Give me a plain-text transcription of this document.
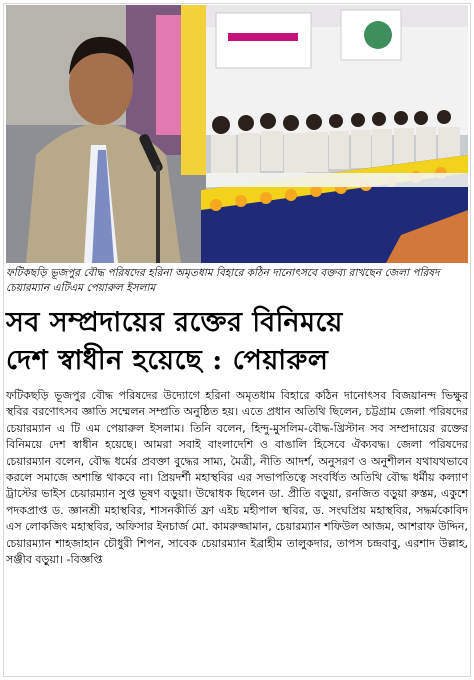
ফটিকছড়ি ভূজপুর বৌদ্ধ পরিষদের হরিনা অমৃতধাম বিহারে কঠিন দানোৎসবে বক্তব্য রাখছেন জেলা পরিষদ চেয়ারম্যান এটিএম পেয়ারুল ইসলাম
সব সম্প্রদায়ের রক্তের বিনিময়ে
দেশ স্বাধীন হয়েছে : পেয়ারুল
ফটিকছড়ি ভূজপুর বৌদ্ধ পরিষদের উদ্যোগে হরিনা অমৃতধাম বিহারে কঠিন দানোৎসব বিজয়ানন্দ ভিক্ষুর স্থবির বরণোৎসব জ্ঞাতি সম্মেলন সম্প্রতি অনুষ্ঠিত হয়। এতে প্রধান অতিথি ছিলেন, চট্টগ্রাম জেলা পরিষদের চেয়ারম্যান এ টি এম পেয়ারুল ইসলাম। তিনি বলেন, হিন্দু-মুসলিম-বৌদ্ধ-খ্রিস্টান সব সম্প্রদায়ের রক্তের বিনিময়ে দেশ স্বাধীন হয়েছে। আমরা সবাই বাংলাদেশি ও বাঙালি হিসেবে ঐক্যবদ্ধ। জেলা পরিষদের চেয়ারম্যান বলেন, বৌদ্ধ ধর্মের প্রবক্তা বুদ্ধের সাম্য, মৈত্রী, নীতি আদর্শ, অনুসরণ ও অনুশীলন যথাযথভাবে করলে সমাজে অশান্তি থাকবে না। প্রিয়দর্শী মহাস্থবির এর সভাপতিত্বে সংবর্ধিত অতিথি বৌদ্ধ ধর্মীয় কল্যাণ ট্রাস্টের ভাইস চেয়ারম্যান সুপ্ত ভূষণ বড়ুয়া। উদ্বোধক ছিলেন ডা. প্রীতি বড়ুয়া, রনজিত বড়ুয়া রুস্তম, একুশে পদকপ্রাপ্ত ড. জ্ঞানশ্রী মহাস্থবির, শাসনকীর্তি ফ্রা এইচ মহীপাল স্থবির, ড. সংঘপ্রিয় মহাস্থবির, সদ্ধর্মকোবিদ এস লোকজিৎ মহাস্থবির, অফিসার ইনচার্জ মো. কামরুজ্জামান, চেয়ারম্যান শফিউল আজম, আশরাফ উদ্দিন, চেয়ারম্যান শাহজাহান চৌধুরী শিপন, সাবেক চেয়ারম্যান ইব্রাহীম তালুকদার, তাপস চন্দ্রবাবু, এরশাদ উল্লাহ, সঞ্জীব বড়ুয়া। -বিজ্ঞপ্তি
